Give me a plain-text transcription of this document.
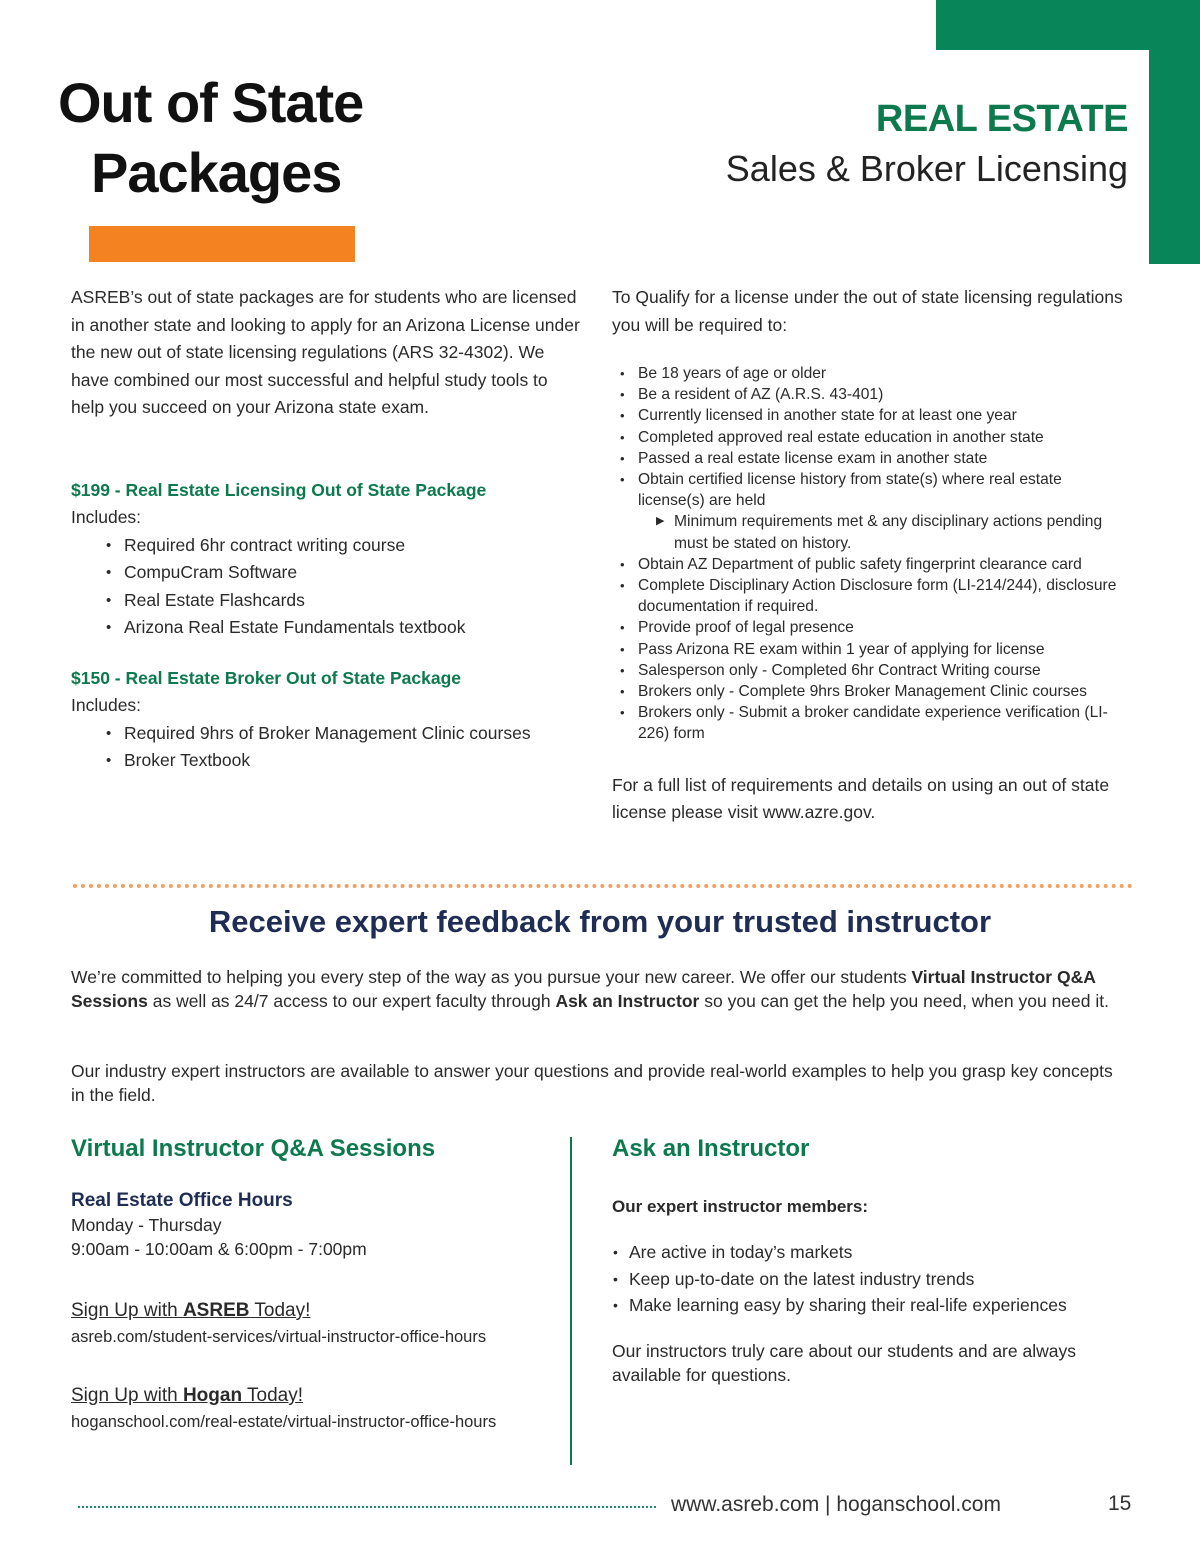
Out of State
Packages
REAL ESTATE
Sales & Broker Licensing

ASREB’s out of state packages are for students who are licensed in another state and looking to apply for an Arizona License under the new out of state licensing regulations (ARS 32-4302). We have combined our most successful and helpful study tools to help you succeed on your Arizona state exam.

$199 - Real Estate Licensing Out of State Package

Includes:

• Required 6hr contract writing course
• CompuCram Software
• Real Estate Flashcards
• Arizona Real Estate Fundamentals textbook

$150 - Real Estate Broker Out of State Package

Includes:

• Required 9hrs of Broker Management Clinic courses
• Broker Textbook

To Qualify for a license under the out of state licensing regulations you will be required to:

• Be 18 years of age or older
• Be a resident of AZ (A.R.S. 43-401)
• Currently licensed in another state for at least one year
• Completed approved real estate education in another state
• Passed a real estate license exam in another state
• Obtain certified license history from state(s) where real estate license(s) are held
▶ Minimum requirements met & any disciplinary actions pending must be stated on history.
• Obtain AZ Department of public safety fingerprint clearance card
• Complete Disciplinary Action Disclosure form (LI-214/244), disclosure documentation if required.
• Provide proof of legal presence
• Pass Arizona RE exam within 1 year of applying for license
• Salesperson only - Completed 6hr Contract Writing course
• Brokers only - Complete 9hrs Broker Management Clinic courses
• Brokers only - Submit a broker candidate experience verification (LI-226) form

For a full list of requirements and details on using an out of state license please visit www.azre.gov.

Receive expert feedback from your trusted instructor

We’re committed to helping you every step of the way as you pursue your new career. We offer our students Virtual Instructor Q&A Sessions as well as 24/7 access to our expert faculty through Ask an Instructor so you can get the help you need, when you need it.

Our industry expert instructors are available to answer your questions and provide real-world examples to help you grasp key concepts in the field.

Virtual Instructor Q&A Sessions
Real Estate Office Hours
Monday - Thursday
9:00am - 10:00am & 6:00pm - 7:00pm
Sign Up with ASREB Today!
asreb.com/student-services/virtual-instructor-office-hours
Sign Up with Hogan Today!
hoganschool.com/real-estate/virtual-instructor-office-hours
Ask an Instructor
Our expert instructor members:
• Are active in today’s markets
• Keep up-to-date on the latest industry trends
• Make learning easy by sharing their real-life experiences

Our instructors truly care about our students and are always available for questions.

www.asreb.com | hoganschool.com	15
